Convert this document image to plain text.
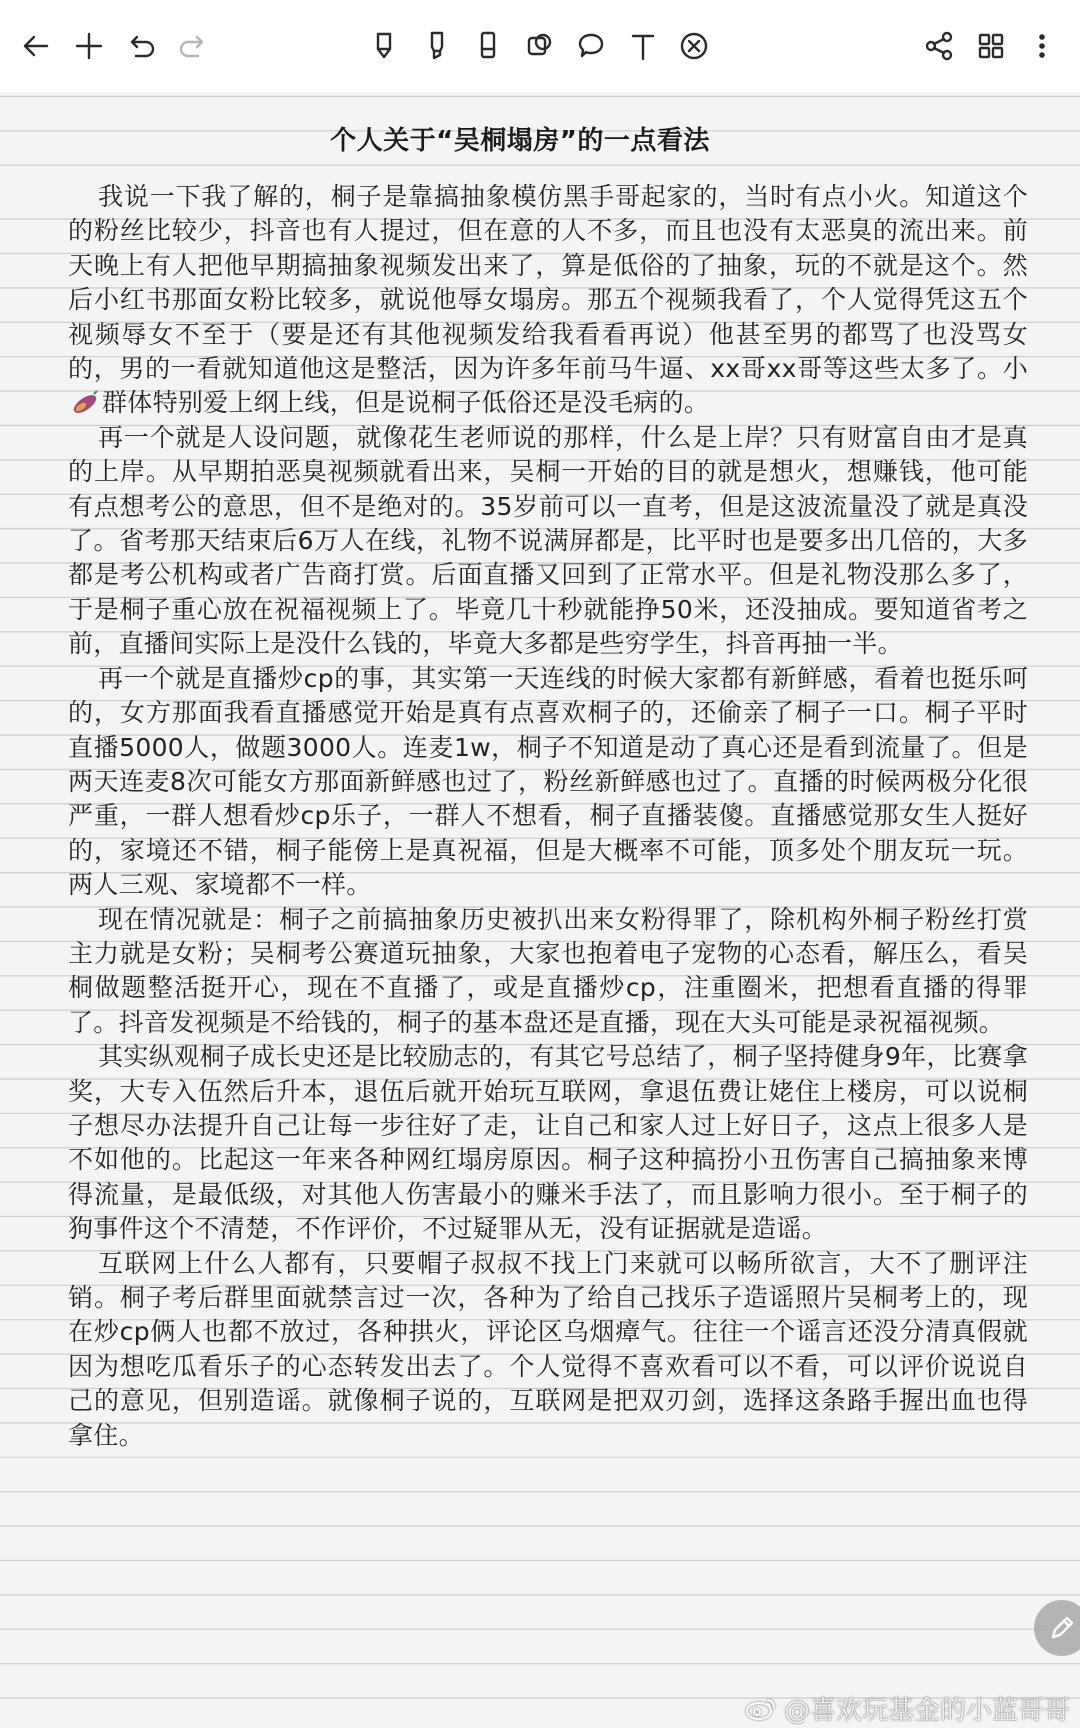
个人关于“吴桐塌房”的一点看法

我说一下我了解的，桐子是靠搞抽象模仿黑手哥起家的，当时有点小火。知道这个的粉丝比较少，抖音也有人提过，但在意的人不多，而且也没有太恶臭的流出来。前天晚上有人把他早期搞抽象视频发出来了，算是低俗的了抽象，玩的不就是这个。然后小红书那面女粉比较多，就说他辱女塌房。那五个视频我看了，个人觉得凭这五个视频辱女不至于（要是还有其他视频发给我看看再说）他甚至男的都骂了也没骂女的，男的一看就知道他这是整活，因为许多年前马牛逼、xx哥xx哥等这些太多了。小群体特别爱上纲上线，但是说桐子低俗还是没毛病的。

再一个就是人设问题，就像花生老师说的那样，什么是上岸？只有财富自由才是真的上岸。从早期拍恶臭视频就看出来，吴桐一开始的目的就是想火，想赚钱，他可能有点想考公的意思，但不是绝对的。35岁前可以一直考，但是这波流量没了就是真没了。省考那天结束后6万人在线，礼物不说满屏都是，比平时也是要多出几倍的，大多都是考公机构或者广告商打赏。后面直播又回到了正常水平。但是礼物没那么多了，于是桐子重心放在祝福视频上了。毕竟几十秒就能挣50米，还没抽成。要知道省考之前，直播间实际上是没什么钱的，毕竟大多都是些穷学生，抖音再抽一半。

再一个就是直播炒cp的事，其实第一天连线的时候大家都有新鲜感，看着也挺乐呵的，女方那面我看直播感觉开始是真有点喜欢桐子的，还偷亲了桐子一口。桐子平时直播5000人，做题3000人。连麦1w，桐子不知道是动了真心还是看到流量了。但是两天连麦8次可能女方那面新鲜感也过了，粉丝新鲜感也过了。直播的时候两极分化很严重，一群人想看炒cp乐子，一群人不想看，桐子直播装傻。直播感觉那女生人挺好的，家境还不错，桐子能傍上是真祝福，但是大概率不可能，顶多处个朋友玩一玩。两人三观、家境都不一样。

现在情况就是：桐子之前搞抽象历史被扒出来女粉得罪了，除机构外桐子粉丝打赏主力就是女粉；吴桐考公赛道玩抽象，大家也抱着电子宠物的心态看，解压么，看吴桐做题整活挺开心，现在不直播了，或是直播炒cp，注重圈米，把想看直播的得罪了。抖音发视频是不给钱的，桐子的基本盘还是直播，现在大头可能是录祝福视频。

其实纵观桐子成长史还是比较励志的，有其它号总结了，桐子坚持健身9年，比赛拿奖，大专入伍然后升本，退伍后就开始玩互联网，拿退伍费让姥住上楼房，可以说桐子想尽办法提升自己让每一步往好了走，让自己和家人过上好日子，这点上很多人是不如他的。比起这一年来各种网红塌房原因。桐子这种搞扮小丑伤害自己搞抽象来博得流量，是最低级，对其他人伤害最小的赚米手法了，而且影响力很小。至于桐子的狗事件这个不清楚，不作评价，不过疑罪从无，没有证据就是造谣。

互联网上什么人都有，只要帽子叔叔不找上门来就可以畅所欲言，大不了删评注销。桐子考后群里面就禁言过一次，各种为了给自己找乐子造谣照片吴桐考上的，现在炒cp俩人也都不放过，各种拱火，评论区乌烟瘴气。往往一个谣言还没分清真假就因为想吃瓜看乐子的心态转发出去了。个人觉得不喜欢看可以不看，可以评价说说自己的意见，但别造谣。就像桐子说的，互联网是把双刃剑，选择这条路手握出血也得拿住。

@喜欢玩基金的小蓝哥哥
